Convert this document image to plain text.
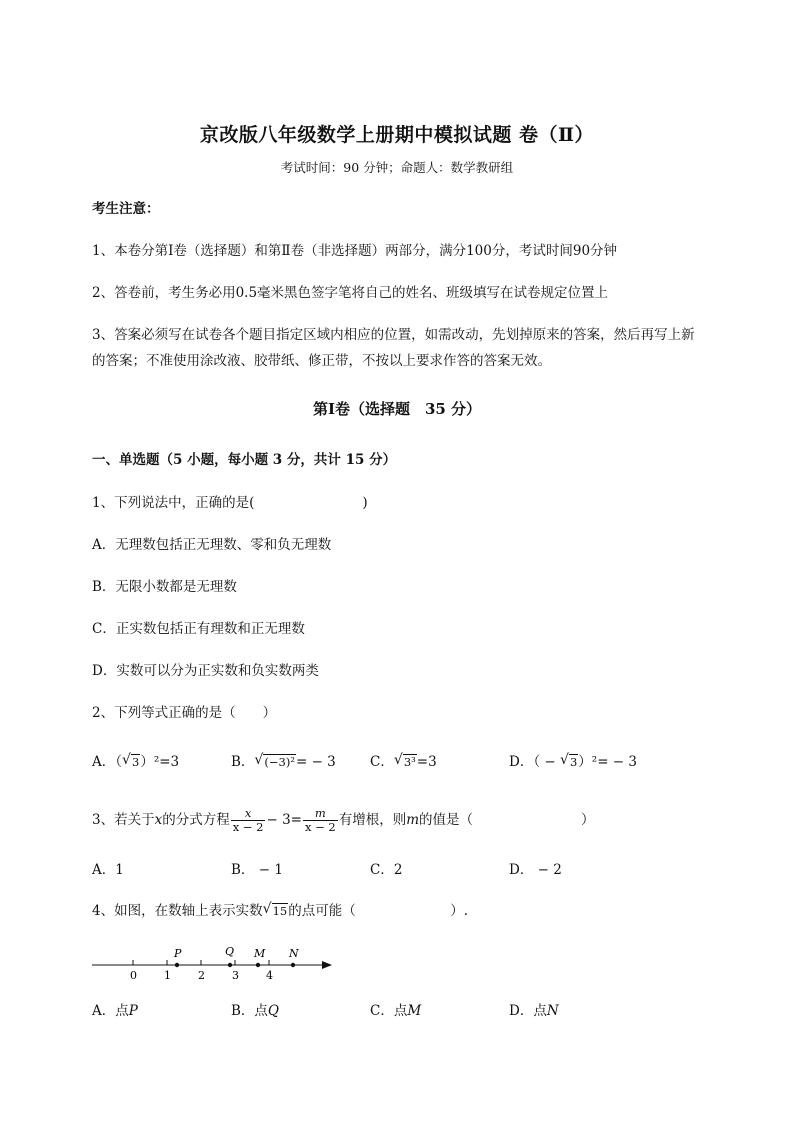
京改版八年级数学上册期中模拟试题 卷（Ⅱ）
考试时间：90 分钟；命题人：数学教研组
考生注意：
1、本卷分第Ⅰ卷（选择题）和第Ⅱ卷（非选择题）两部分，满分100分，考试时间90分钟
2、答卷前，考生务必用0.5毫米黑色签字笔将自己的姓名、班级填写在试卷规定位置上
3、答案必须写在试卷各个题目指定区域内相应的位置，如需改动，先划掉原来的答案，然后再写上新
的答案；不准使用涂改液、胶带纸、修正带，不按以上要求作答的答案无效。
第Ⅰ卷（选择题　35 分）
一、单选题（5 小题，每小题 3 分，共计 15 分）
1、下列说法中，正确的是(　　　　　　　　)
A．无理数包括正无理数、零和负无理数
B．无限小数都是无理数
C．正实数包括正有理数和正无理数
D．实数可以分为正实数和负实数两类
2、下列等式正确的是（　　）
A．（ √ 3）²=3	B． √ (−3)²= − 3	C． √ 3³=3	D．（ − √ 3）²= − 3
3、若关于x的分式方程 $\frac{x}{x - 2} - 3= \frac{m}{x - 2}$ 有增根，则m的值是（　　　　　　　　）
A．1	B． − 1	C．2	D． − 2
4、如图，在数轴上表示实数 √ 15的点可能（　　　　　　　）.
0 1 2 3 4
P	Q M N
A．点P	B．点Q	C．点M	D．点N
